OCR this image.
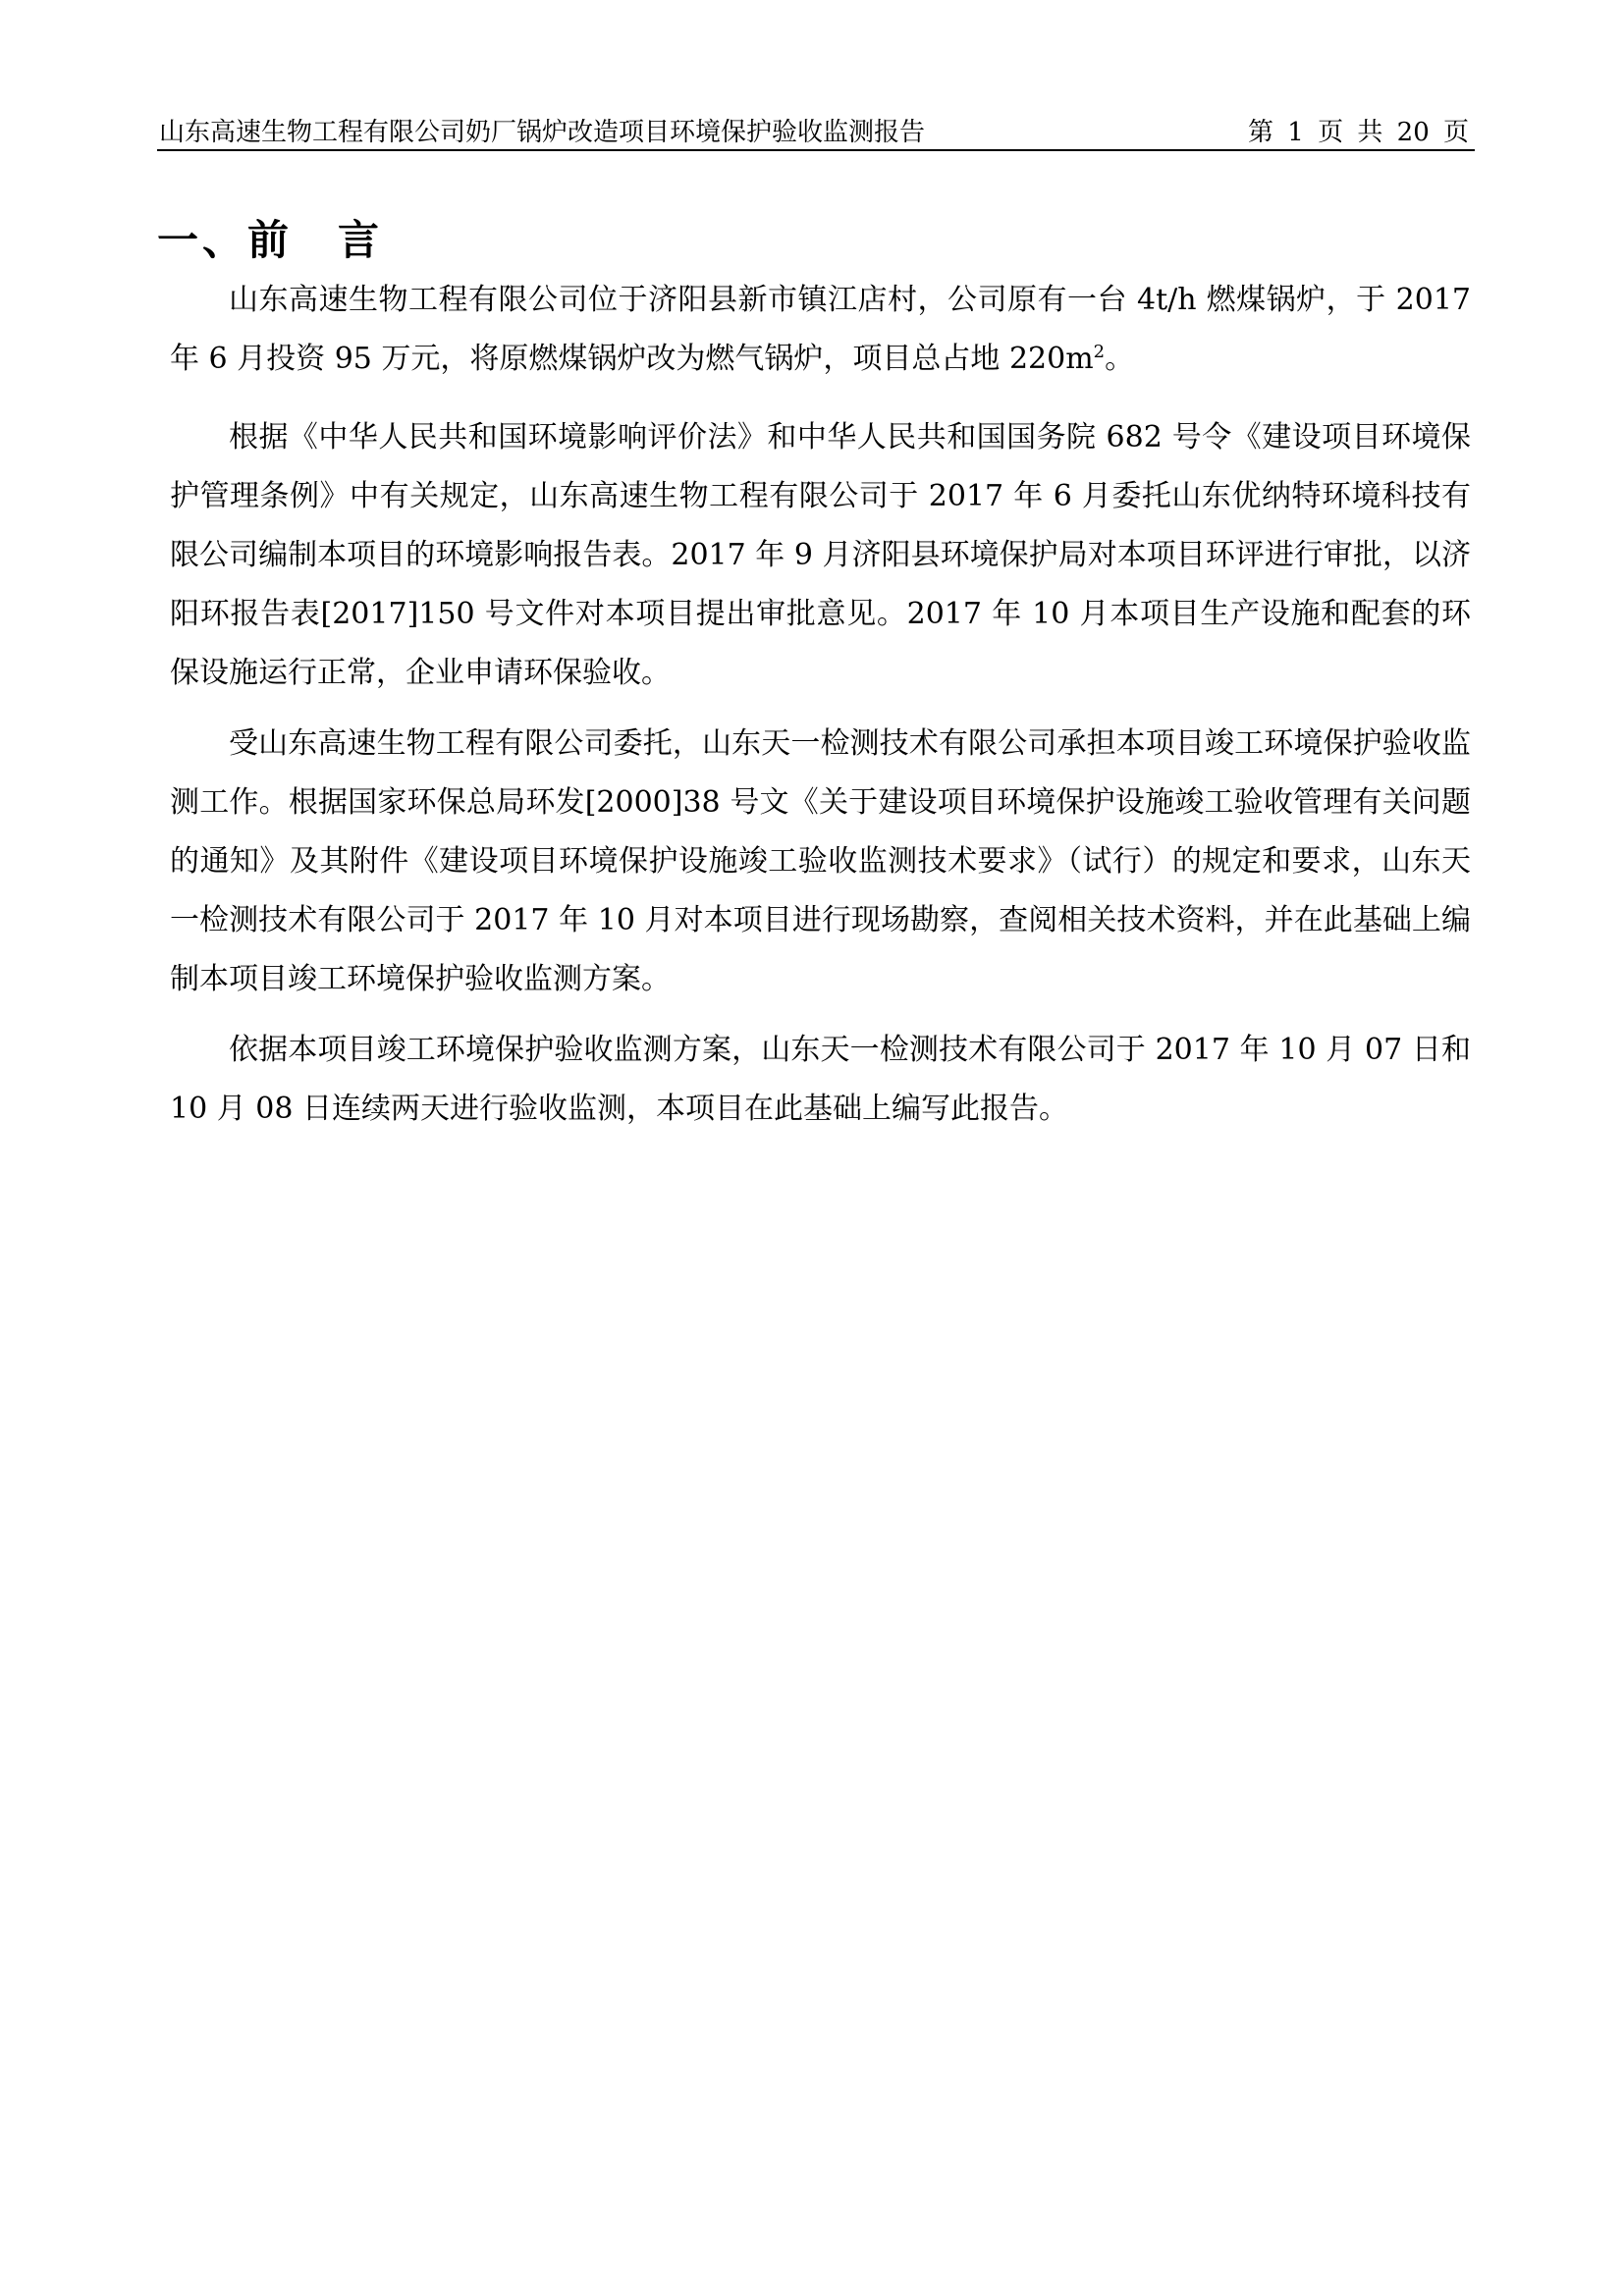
山东高速生物工程有限公司奶厂锅炉改造项目环境保护验收监测报告	第 1 页 共 20 页
一、前　言

山东高速生物工程有限公司位于济阳县新市镇江店村，公司原有一台 4t/h 燃煤锅炉，于 2017 年 6 月投资 95 万元，将原燃煤锅炉改为燃气锅炉，项目总占地 $220m^2$。

根据《中华人民共和国环境影响评价法》和中华人民共和国国务院 682 号令《建设项目环境保护管理条例》中有关规定，山东高速生物工程有限公司于 2017 年 6 月委托山东优纳特环境科技有限公司编制本项目的环境影响报告表。2017 年 9 月济阳县环境保护局对本项目环评进行审批，以济阳环报告表[2017]150 号文件对本项目提出审批意见。2017 年 10 月本项目生产设施和配套的环保设施运行正常，企业申请环保验收。

受山东高速生物工程有限公司委托，山东天一检测技术有限公司承担本项目竣工环境保护验收监测工作。根据国家环保总局环发[2000]38 号文《关于建设项目环境保护设施竣工验收管理有关问题的通知》及其附件《建设项目环境保护设施竣工验收监测技术要求》（试行）的规定和要求，山东天一检测技术有限公司于 2017 年 10 月对本项目进行现场勘察，查阅相关技术资料，并在此基础上编制本项目竣工环境保护验收监测方案。

依据本项目竣工环境保护验收监测方案，山东天一检测技术有限公司于 2017 年 10 月 07 日和 10 月 08 日连续两天进行验收监测，本项目在此基础上编写此报告。
